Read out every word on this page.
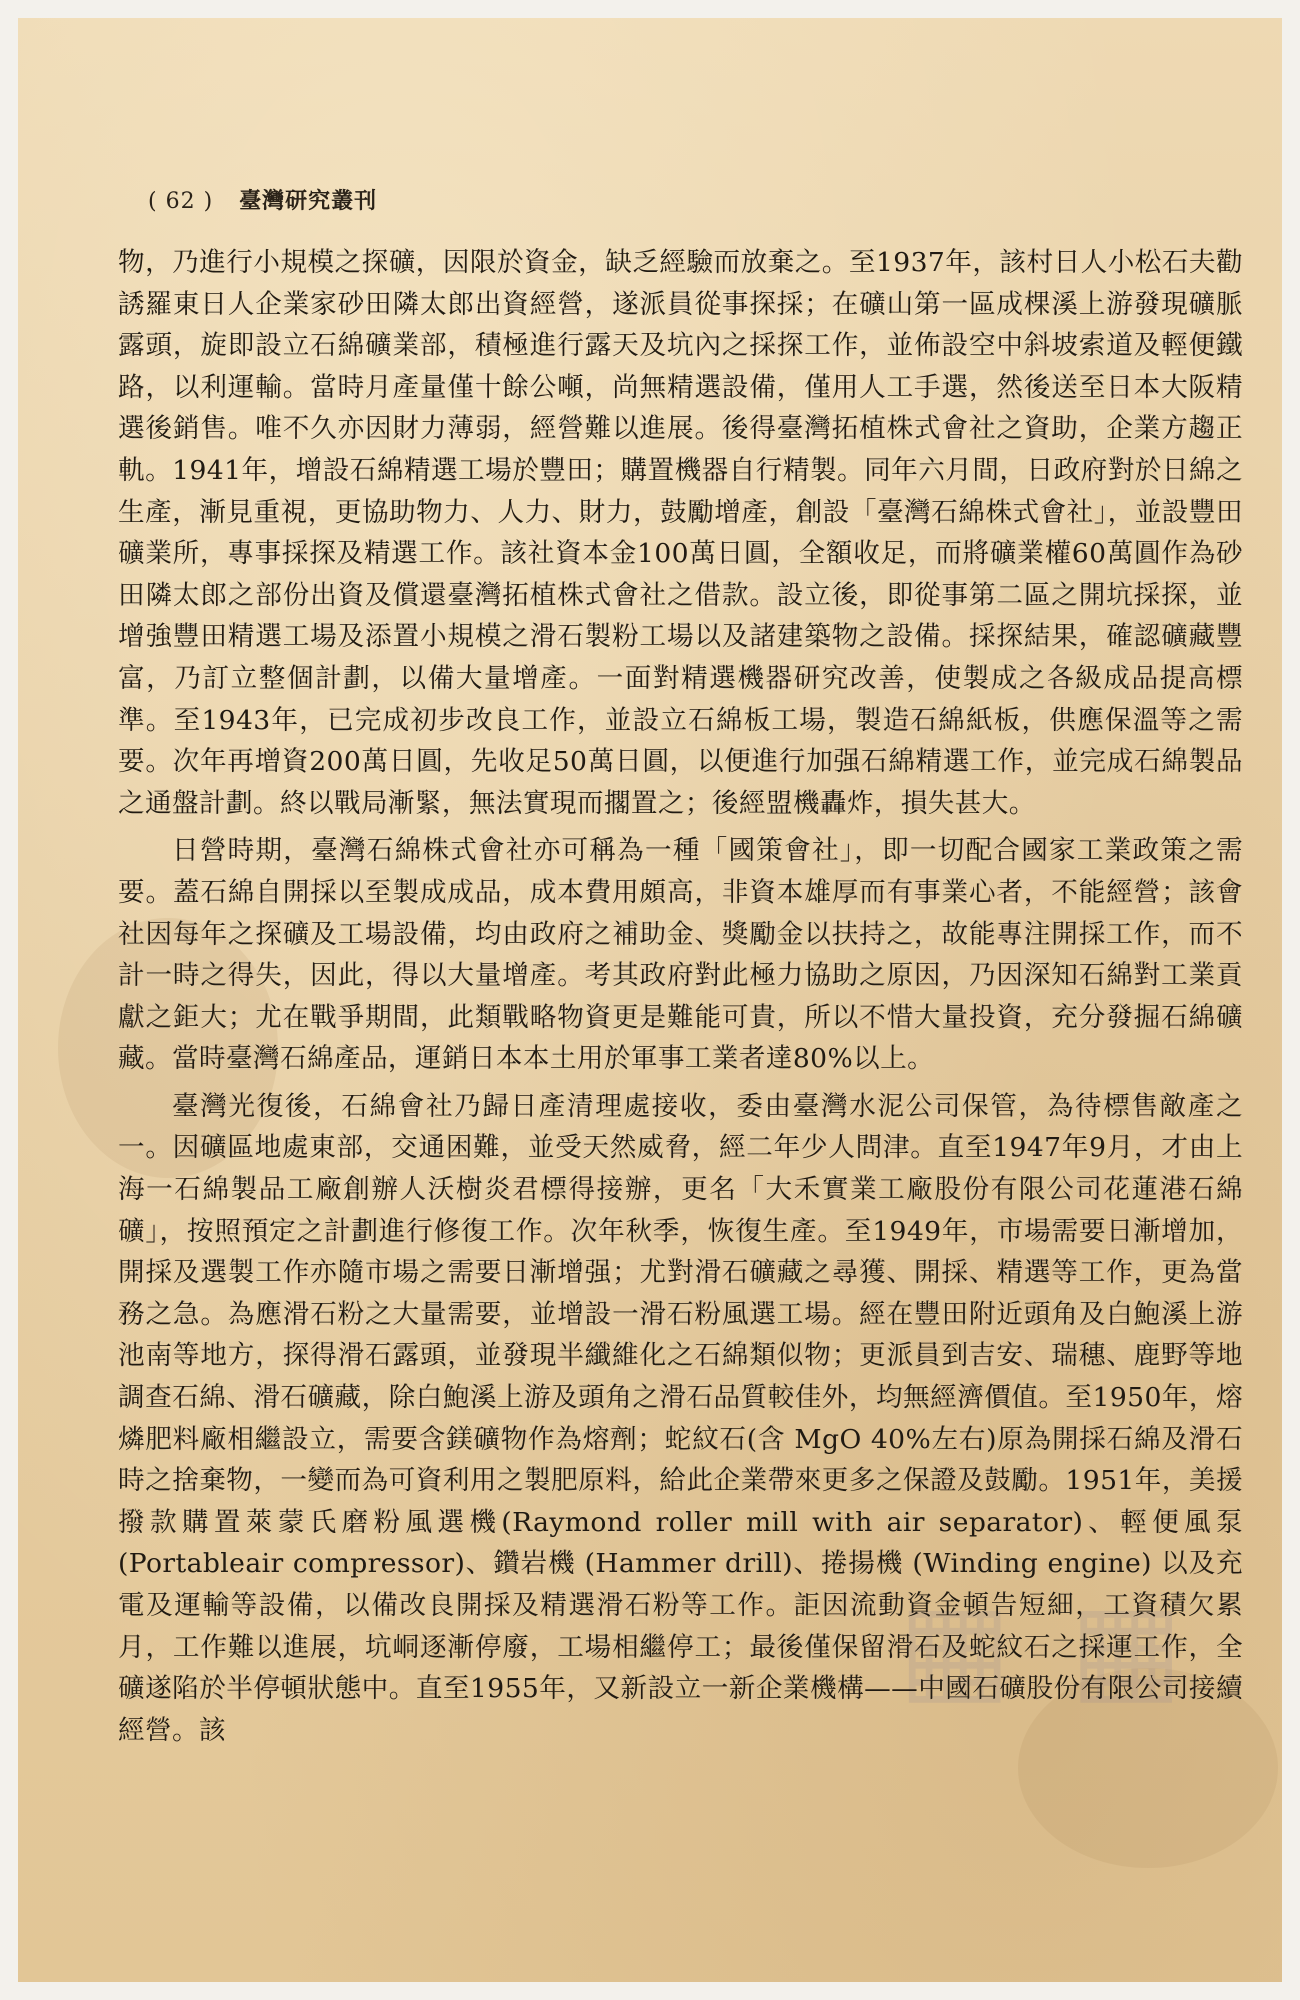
▦ ▦
( 62 ) 臺灣研究叢刊

物，乃進行小規模之探礦，因限於資金，缺乏經驗而放棄之。至1937年，該村日人小松石夫勸誘羅東日人企業家砂田隣太郎出資經營，遂派員從事探採；在礦山第一區成棵溪上游發現礦脈露頭，旋即設立石綿礦業部，積極進行露天及坑內之採探工作，並佈設空中斜坡索道及輕便鐵路，以利運輸。當時月產量僅十餘公噸，尚無精選設備，僅用人工手選，然後送至日本大阪精選後銷售。唯不久亦因財力薄弱，經營難以進展。後得臺灣拓植株式會社之資助，企業方趨正軌。1941年，增設石綿精選工場於豐田；購置機器自行精製。同年六月間，日政府對於日綿之生產，漸見重視，更協助物力、人力、財力，鼓勵增產，創設「臺灣石綿株式會社」，並設豐田礦業所，專事採探及精選工作。該社資本金100萬日圓，全額收足，而將礦業權60萬圓作為砂田隣太郎之部份出資及償還臺灣拓植株式會社之借款。設立後，即從事第二區之開坑採探，並增強豐田精選工場及添置小規模之滑石製粉工場以及諸建築物之設備。採探結果，確認礦藏豐富，乃訂立整個計劃，以備大量增產。一面對精選機器研究改善，使製成之各級成品提高標準。至1943年，已完成初步改良工作，並設立石綿板工場，製造石綿紙板，供應保溫等之需要。次年再增資200萬日圓，先收足50萬日圓，以便進行加强石綿精選工作，並完成石綿製品之通盤計劃。終以戰局漸緊，無法實現而擱置之；後經盟機轟炸，損失甚大。

日營時期，臺灣石綿株式會社亦可稱為一種「國策會社」，即一切配合國家工業政策之需要。蓋石綿自開採以至製成成品，成本費用頗高，非資本雄厚而有事業心者，不能經營；該會社因每年之探礦及工場設備，均由政府之補助金、獎勵金以扶持之，故能專注開採工作，而不計一時之得失，因此，得以大量增產。考其政府對此極力協助之原因，乃因深知石綿對工業貢獻之鉅大；尤在戰爭期間，此類戰略物資更是難能可貴，所以不惜大量投資，充分發掘石綿礦藏。當時臺灣石綿產品，運銷日本本土用於軍事工業者達80%以上。

臺灣光復後，石綿會社乃歸日產清理處接收，委由臺灣水泥公司保管，為待標售敵產之一。因礦區地處東部，交通困難，並受天然威脅，經二年少人問津。直至1947年9月，才由上海一石綿製品工廠創辦人沃樹炎君標得接辦，更名「大禾實業工廠股份有限公司花蓮港石綿礦」，按照預定之計劃進行修復工作。次年秋季，恢復生產。至1949年，市場需要日漸增加，開採及選製工作亦隨市場之需要日漸增强；尤對滑石礦藏之尋獲、開採、精選等工作，更為當務之急。為應滑石粉之大量需要，並增設一滑石粉風選工場。經在豐田附近頭角及白鮑溪上游池南等地方，探得滑石露頭，並發現半纖維化之石綿類似物；更派員到吉安、瑞穗、鹿野等地調查石綿、滑石礦藏，除白鮑溪上游及頭角之滑石品質較佳外，均無經濟價值。至1950年，熔燐肥料廠相繼設立，需要含鎂礦物作為熔劑；蛇紋石(含 MgO 40%左右)原為開採石綿及滑石時之捨棄物，一變而為可資利用之製肥原料，給此企業帶來更多之保證及鼓勵。1951年，美援撥款購置萊蒙氏磨粉風選機(Raymond roller mill with air separator)、輕便風泵(Portableair compressor)、鑽岩機 (Hammer drill)、捲揚機 (Winding engine) 以及充電及運輸等設備，以備改良開採及精選滑石粉等工作。詎因流動資金頓告短細，工資積欠累月，工作難以進展，坑峒逐漸停廢，工場相繼停工；最後僅保留滑石及蛇紋石之採運工作，全礦遂陷於半停頓狀態中。直至1955年，又新設立一新企業機構——中國石礦股份有限公司接續經營。該
